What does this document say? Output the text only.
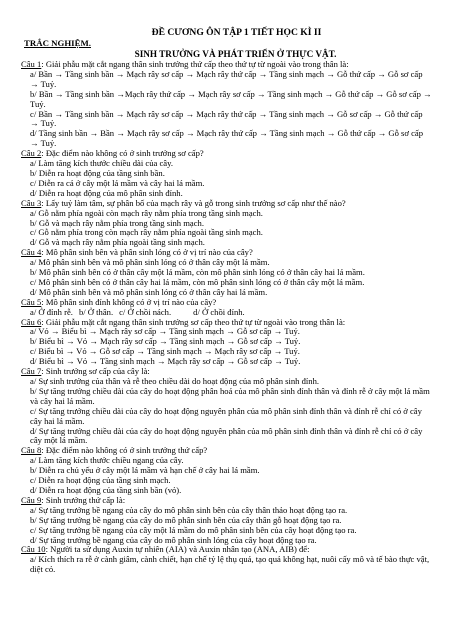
ĐỀ CƯƠNG ÔN TẬP 1 TIẾT HỌC KÌ II
TRẮC NGHIỆM.
SINH TRƯỞNG VÀ PHÁT TRIỂN Ở THỰC VẬT.
Câu 1: Giải phẫu mặt cắt ngang thân sinh trưởng thứ cấp theo thứ tự từ ngoài vào trong thân là:
a/ Bần → Tầng sinh bần → Mạch rây sơ cấp → Mạch rây thứ cấp → Tầng sinh mạch → Gỗ thứ cấp → Gỗ sơ cấp → Tuỷ.
b/ Bần → Tầng sinh bần →Mạch rây thứ cấp → Mạch rây sơ cấp → Tầng sinh mạch → Gỗ thứ cấp → Gỗ sơ cấp → Tuỷ.
c/ Bần → Tầng sinh bần → Mạch rây sơ cấp → Mạch rây thứ cấp → Tầng sinh mạch → Gỗ sơ cấp → Gỗ thứ cấp → Tuỷ.
d/ Tầng sinh bần → Bần → Mạch rây sơ cấp → Mạch rây thứ cấp → Tầng sinh mạch → Gỗ thứ cấp → Gỗ sơ cấp → Tuỷ.
Câu 2: Đặc điểm nào không có ở sinh trưởng sơ cấp?
a/ Làm tăng kích thước chiều dài của cây.
b/ Diễn ra hoạt động của tầng sinh bần.
c/ Diễn ra cả ở cây một lá mầm và cây hai lá mầm.
d/ Diễn ra hoạt động của mô phân sinh đỉnh.
Câu 3: Lấy tuỷ làm tâm, sự phân bố của mạch rây và gỗ trong sinh trưởng sơ cấp như thế nào?
a/ Gỗ nằm phía ngoài còn mạch rây nằm phía trong tầng sinh mạch.
b/ Gỗ và mạch rây nằm phía trong tầng sinh mạch.
c/ Gỗ nằm phía trong còn mạch rây nằm phía ngoài tầng sinh mạch.
d/ Gỗ và mạch rây nằm phía ngoài tầng sinh mạch.
Câu 4: Mô phân sinh bên và phân sinh lóng có ở vị trí nào của cây?
a/ Mô phân sinh bên và mô phân sinh lóng có ở thân cây một lá mầm.
b/ Mô phân sinh bên có ở thân cây một lá mầm, còn mô phân sinh lóng có ở thân cây hai lá mầm.
c/ Mô phân sinh bên có ở thân cây hai lá mầm, còn mô phân sinh lóng có ở thân cây một lá mầm.
d/ Mô phân sinh bên và mô phân sinh lóng có ở thân cây hai lá mầm.
Câu 5: Mô phân sinh đỉnh không có ở vị trí nào của cây?
a/ Ở đỉnh rễ. b/ Ở thân. c/ Ở chồi nách.	d/ Ở chồi đỉnh.
Câu 6: Giải phẫu mặt cắt ngang thân sinh trưởng sơ cấp theo thứ tự từ ngoài vào trong thân là:
a/ Vỏ → Biểu bì → Mạch rây sơ cấp → Tầng sinh mạch → Gỗ sơ cấp → Tuỷ.
b/ Biểu bì → Vỏ → Mạch rây sơ cấp → Tầng sinh mạch → Gỗ sơ cấp → Tuỷ.
c/ Biểu bì → Vỏ → Gỗ sơ cấp → Tầng sinh mạch → Mạch rây sơ cấp → Tuỷ.
d/ Biểu bì → Vỏ → Tầng sinh mạch → Mạch rây sơ cấp → Gỗ sơ cấp → Tuỷ.
Câu 7: Sinh trưởng sơ cấp của cây là:
a/ Sự sinh trưởng của thân và rễ theo chiều dài do hoạt động của mô phân sinh đỉnh.
b/ Sự tăng trưởng chiều dài của cây do hoạt động phân hoá của mô phân sinh đỉnh thân và đỉnh rễ ở cây một lá mầm và cây hai lá mầm.
c/ Sự tăng trưởng chiều dài của cây do hoạt động nguyên phân của mô phân sinh đỉnh thân và đỉnh rễ chỉ có ở cây cây hai lá mầm.
d/ Sự tăng trưởng chiều dài của cây do hoạt động nguyên phân của mô phân sinh đỉnh thân và đỉnh rễ chỉ có ở cây cây một lá mầm.
Câu 8: Đặc điểm nào không có ở sinh trưởng thứ cấp?
a/ Làm tăng kích thước chiều ngang của cây.
b/ Diễn ra chủ yếu ở cây một lá mầm và hạn chế ở cây hai lá mầm.
c/ Diễn ra hoạt động của tầng sinh mạch.
d/ Diễn ra hoạt động của tầng sinh bần (vỏ).
Câu 9: Sinh trưởng thứ cấp là:
a/ Sự tăng trưởng bề ngang của cây do mô phân sinh bên của cây thân thảo hoạt động tạo ra.
b/ Sự tăng trưởng bề ngang của cây do mô phân sinh bên của cây thân gỗ hoạt động tạo ra.
c/ Sự tăng trưởng bề ngang của cây một lá mầm do mô phân sinh bên của cây hoạt động tạo ra.
d/ Sự tăng trưởng bề ngang của cây do mô phân sinh lóng của cây hoạt động tạo ra.
Câu 10: Người ta sử dụng Auxin tự nhiên (AIA) và Auxin nhân tạo (ANA, AIB) để:
a/ Kích thích ra rễ ở cành giâm, cành chiết, hạn chế tỷ lệ thụ quả, tạo quả không hạt, nuôi cấy mô và tế bào thực vật, diệt cỏ.
